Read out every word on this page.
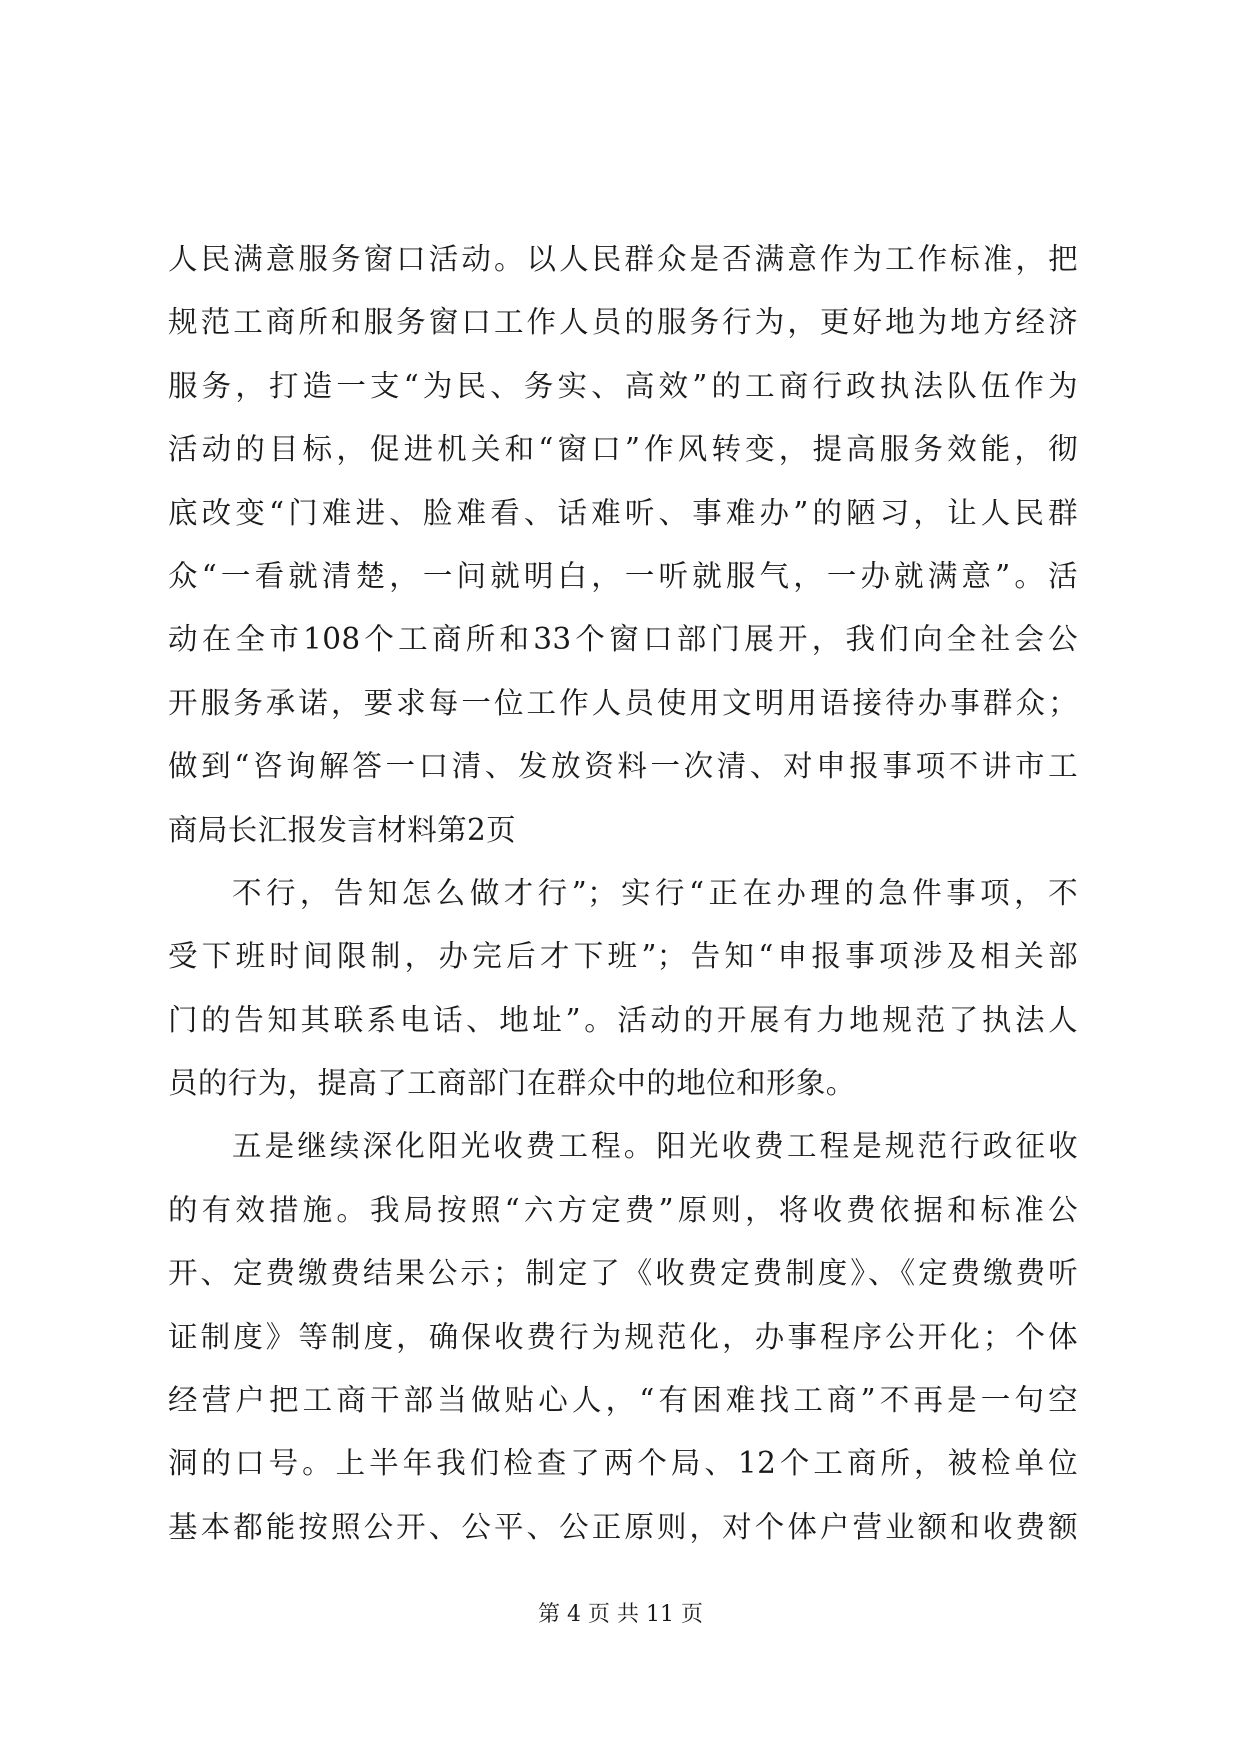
人民满意服务窗口活动。以人民群众是否满意作为工作标准，把
规范工商所和服务窗口工作人员的服务行为，更好地为地方经济
服务，打造一支“为民、务实、高效”的工商行政执法队伍作为
活动的目标，促进机关和“窗口”作风转变，提高服务效能，彻
底改变“门难进、脸难看、话难听、事难办”的陋习，让人民群
众“一看就清楚，一问就明白，一听就服气，一办就满意”。活
动在全市108个工商所和33个窗口部门展开，我们向全社会公
开服务承诺，要求每一位工作人员使用文明用语接待办事群众；
做到“咨询解答一口清、发放资料一次清、对申报事项不讲市工
商局长汇报发言材料第2页
不行，告知怎么做才行”；实行“正在办理的急件事项，不
受下班时间限制，办完后才下班”；告知“申报事项涉及相关部
门的告知其联系电话、地址”。活动的开展有力地规范了执法人
员的行为，提高了工商部门在群众中的地位和形象。
五是继续深化阳光收费工程。阳光收费工程是规范行政征收
的有效措施。我局按照“六方定费”原则，将收费依据和标准公
开、定费缴费结果公示；制定了《收费定费制度》、《定费缴费听
证制度》等制度，确保收费行为规范化，办事程序公开化；个体
经营户把工商干部当做贴心人，“有困难找工商”不再是一句空
洞的口号。上半年我们检查了两个局、12个工商所，被检单位
基本都能按照公开、公平、公正原则，对个体户营业额和收费额
第 4 页 共 11 页
